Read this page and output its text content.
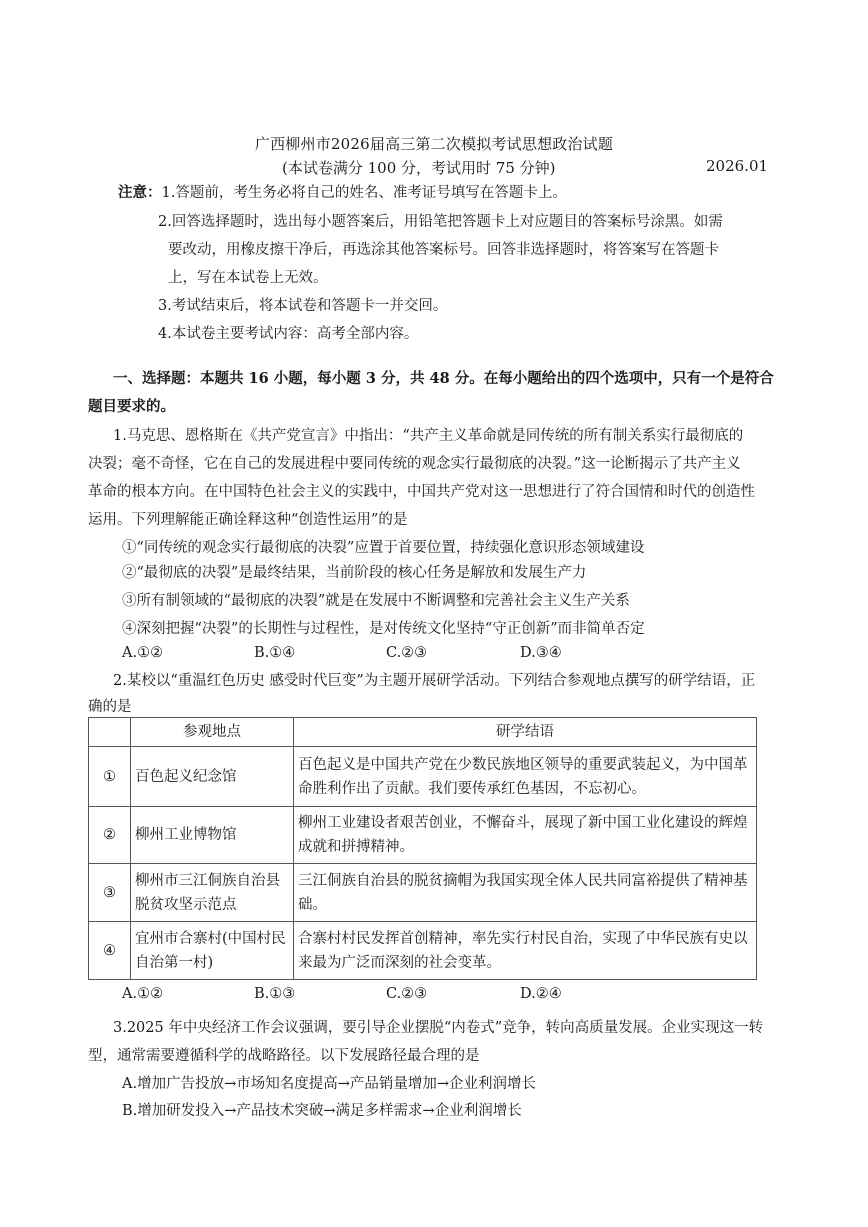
广西柳州市2026届高三第二次模拟考试思想政治试题
(本试卷满分 100 分，考试用时 75 分钟)	2026.01
注意：1.答题前，考生务必将自己的姓名、准考证号填写在答题卡上。
2.回答选择题时，选出每小题答案后，用铅笔把答题卡上对应题目的答案标号涂黑。如需
要改动，用橡皮擦干净后，再选涂其他答案标号。回答非选择题时，将答案写在答题卡
上，写在本试卷上无效。
3.考试结束后，将本试卷和答题卡一并交回。
4.本试卷主要考试内容：高考全部内容。
一、选择题：本题共 16 小题，每小题 3 分，共 48 分。在每小题给出的四个选项中，只有一个是符合
题目要求的。
1.马克思、恩格斯在《共产党宣言》中指出：“共产主义革命就是同传统的所有制关系实行最彻底的
决裂；毫不奇怪，它在自己的发展进程中要同传统的观念实行最彻底的决裂。”这一论断揭示了共产主义
革命的根本方向。在中国特色社会主义的实践中，中国共产党对这一思想进行了符合国情和时代的创造性
运用。下列理解能正确诠释这种“创造性运用”的是
①“同传统的观念实行最彻底的决裂”应置于首要位置，持续强化意识形态领域建设
②“最彻底的决裂”是最终结果，当前阶段的核心任务是解放和发展生产力
③所有制领域的“最彻底的决裂”就是在发展中不断调整和完善社会主义生产关系
④深刻把握“决裂”的长期性与过程性，是对传统文化坚持“守正创新”而非简单否定
A.①②	B.①④	C.②③	D.③④
2.某校以“重温红色历史 感受时代巨变”为主题开展研学活动。下列结合参观地点撰写的研学结语，正
确的是
	参观地点	研学结语
①	百色起义纪念馆	百色起义是中国共产党在少数民族地区领导的重要武装起义，为中国革命胜利作出了贡献。我们要传承红色基因，不忘初心。
②	柳州工业博物馆	柳州工业建设者艰苦创业，不懈奋斗，展现了新中国工业化建设的辉煌成就和拼搏精神。
③	柳州市三江侗族自治县脱贫攻坚示范点	三江侗族自治县的脱贫摘帽为我国实现全体人民共同富裕提供了精神基础。
④	宜州市合寨村(中国村民自治第一村)	合寨村村民发挥首创精神，率先实行村民自治，实现了中华民族有史以来最为广泛而深刻的社会变革。
A.①②	B.①③	C.②③	D.②④
3.2025 年中央经济工作会议强调，要引导企业摆脱“内卷式”竞争，转向高质量发展。企业实现这一转
型，通常需要遵循科学的战略路径。以下发展路径最合理的是
A.增加广告投放→市场知名度提高→产品销量增加→企业利润增长
B.增加研发投入→产品技术突破→满足多样需求→企业利润增长
